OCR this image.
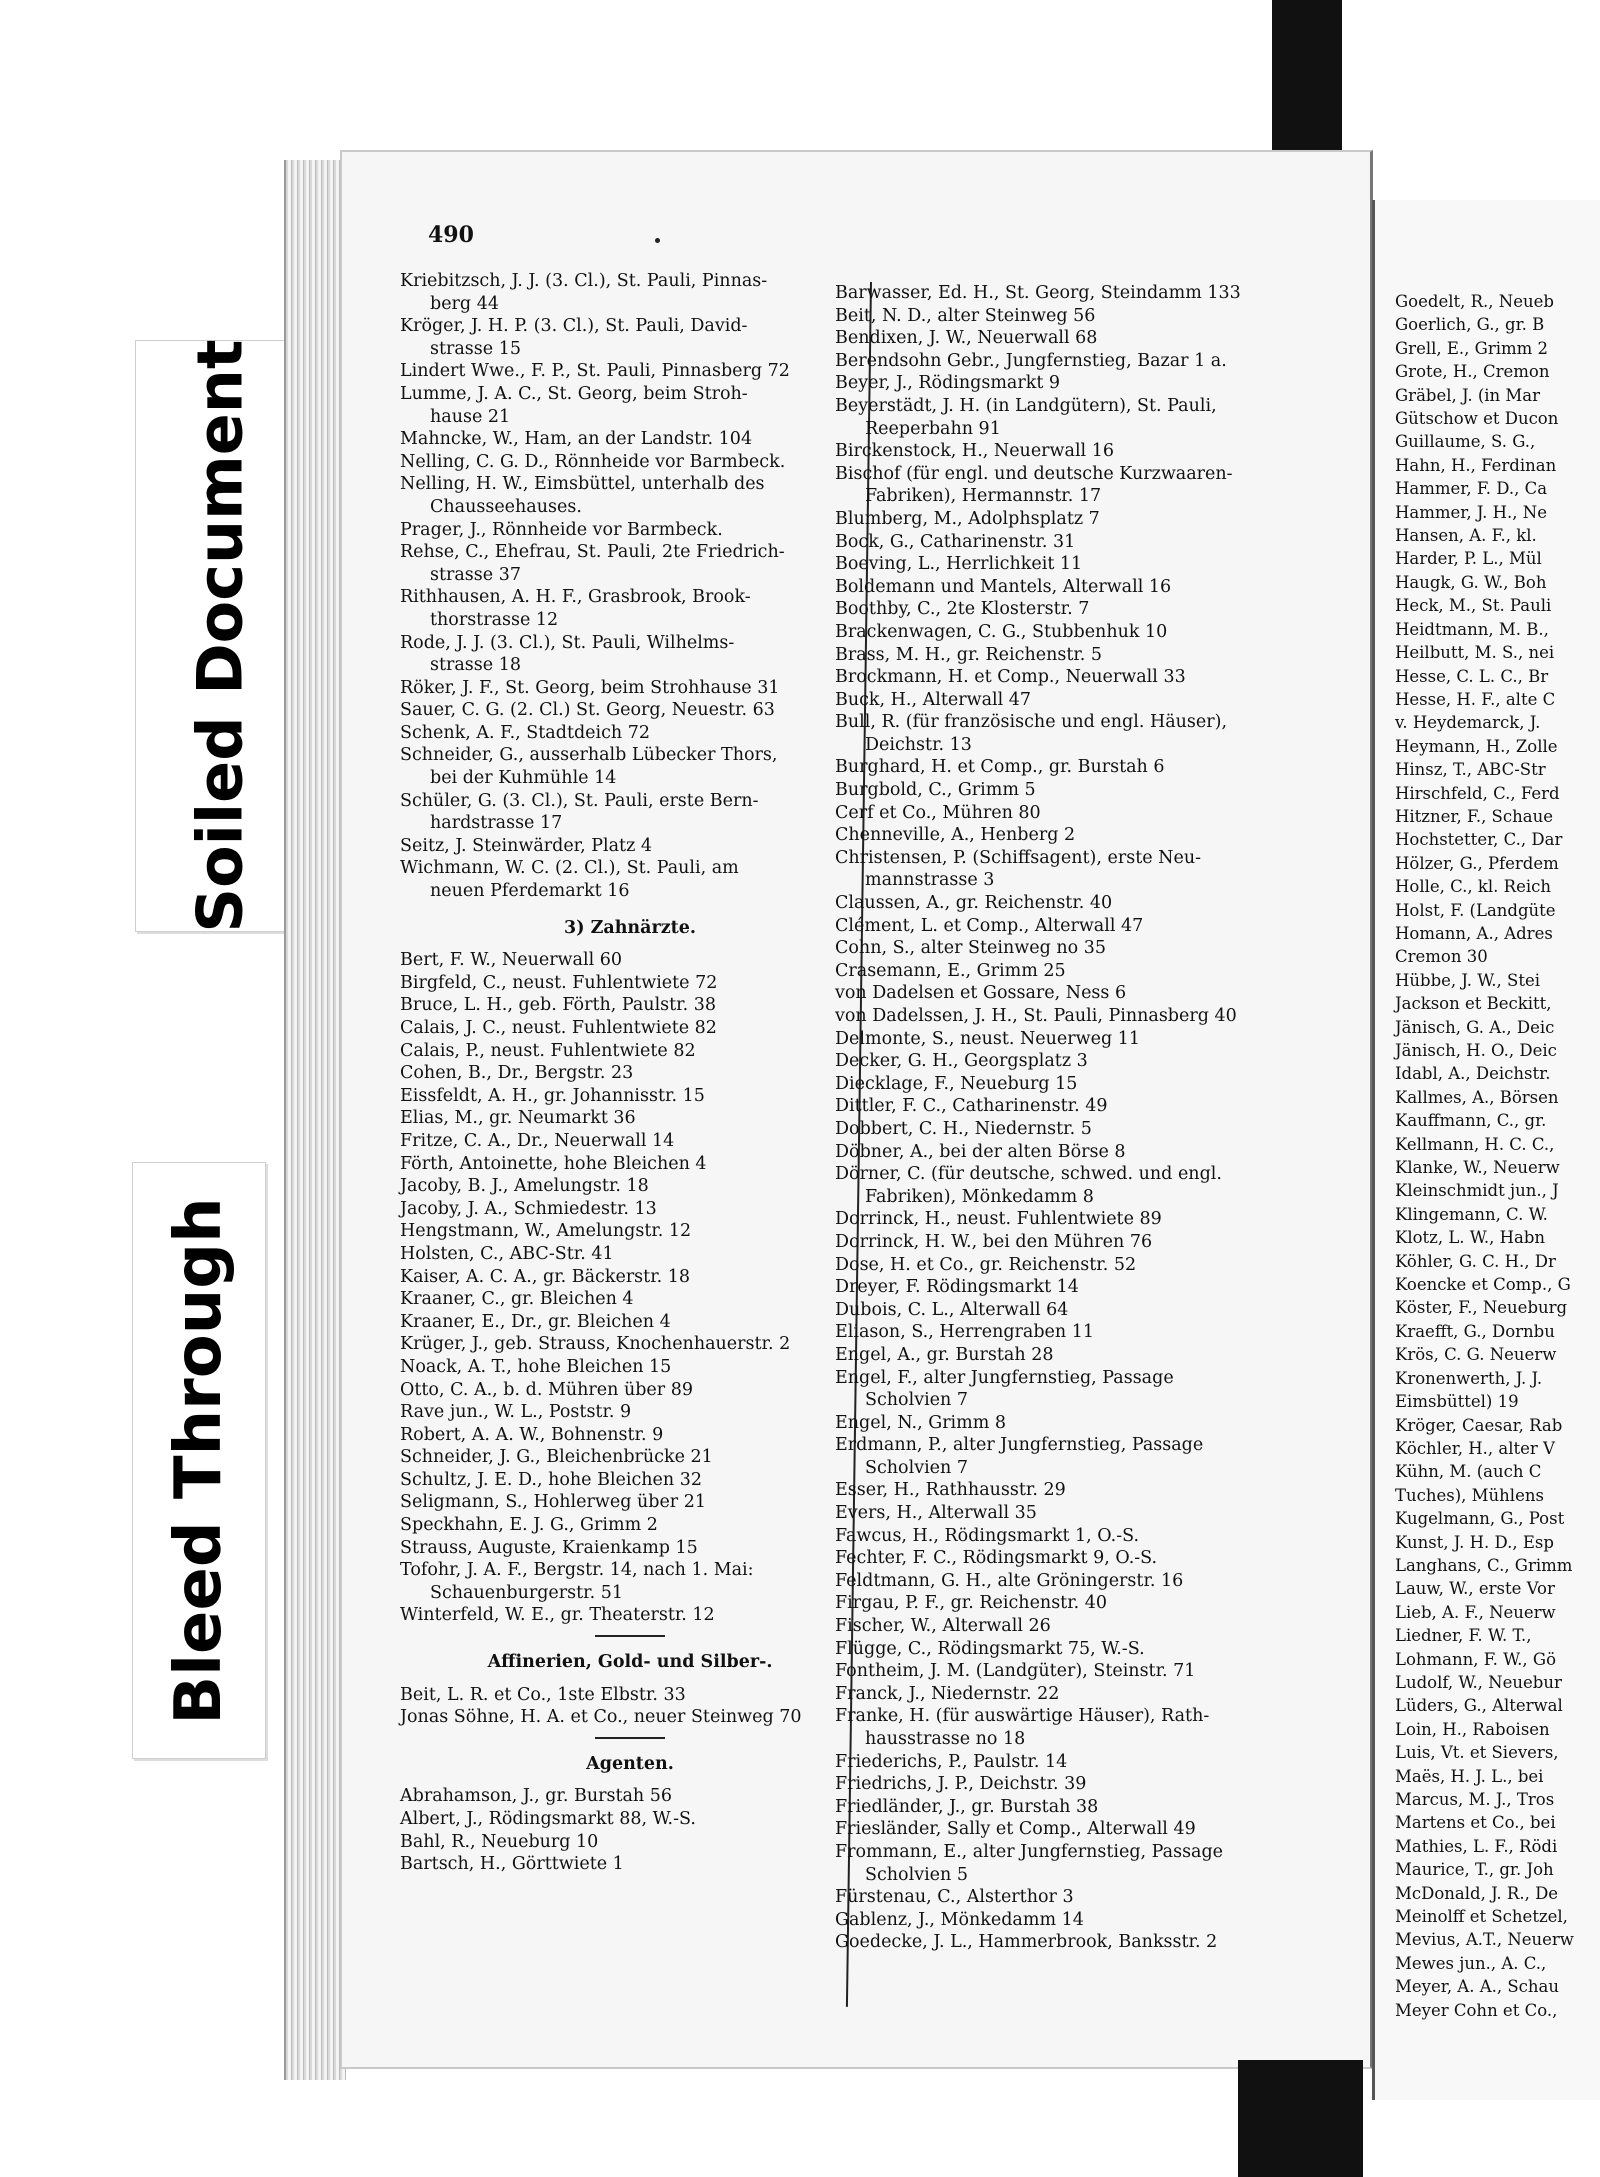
Soiled Document
Bleed Through
490

Kriebitzsch, J. J. (3. Cl.), St. Pauli, Pinnas-

berg 44

Kröger, J. H. P. (3. Cl.), St. Pauli, David-

strasse 15

Lindert Wwe., F. P., St. Pauli, Pinnasberg 72

Lumme, J. A. C., St. Georg, beim Stroh-

hause 21

Mahncke, W., Ham, an der Landstr. 104

Nelling, C. G. D., Rönnheide vor Barmbeck.

Nelling, H. W., Eimsbüttel, unterhalb des

Chausseehauses.

Prager, J., Rönnheide vor Barmbeck.

Rehse, C., Ehefrau, St. Pauli, 2te Friedrich-

strasse 37

Rithhausen, A. H. F., Grasbrook, Brook-

thorstrasse 12

Rode, J. J. (3. Cl.), St. Pauli, Wilhelms-

strasse 18

Röker, J. F., St. Georg, beim Strohhause 31

Sauer, C. G. (2. Cl.) St. Georg, Neuestr. 63

Schenk, A. F., Stadtdeich 72

Schneider, G., ausserhalb Lübecker Thors,

bei der Kuhmühle 14

Schüler, G. (3. Cl.), St. Pauli, erste Bern-

hardstrasse 17

Seitz, J. Steinwärder, Platz 4

Wichmann, W. C. (2. Cl.), St. Pauli, am

neuen Pferdemarkt 16

3) Zahnärzte.

Bert, F. W., Neuerwall 60

Birgfeld, C., neust. Fuhlentwiete 72

Bruce, L. H., geb. Förth, Paulstr. 38

Calais, J. C., neust. Fuhlentwiete 82

Calais, P., neust. Fuhlentwiete 82

Cohen, B., Dr., Bergstr. 23

Eissfeldt, A. H., gr. Johannisstr. 15

Elias, M., gr. Neumarkt 36

Fritze, C. A., Dr., Neuerwall 14

Förth, Antoinette, hohe Bleichen 4

Jacoby, B. J., Amelungstr. 18

Jacoby, J. A., Schmiedestr. 13

Hengstmann, W., Amelungstr. 12

Holsten, C., ABC-Str. 41

Kaiser, A. C. A., gr. Bäckerstr. 18

Kraaner, C., gr. Bleichen 4

Kraaner, E., Dr., gr. Bleichen 4

Krüger, J., geb. Strauss, Knochenhauerstr. 2

Noack, A. T., hohe Bleichen 15

Otto, C. A., b. d. Mühren über 89

Rave jun., W. L., Poststr. 9

Robert, A. A. W., Bohnenstr. 9

Schneider, J. G., Bleichenbrücke 21

Schultz, J. E. D., hohe Bleichen 32

Seligmann, S., Hohlerweg über 21

Speckhahn, E. J. G., Grimm 2

Strauss, Auguste, Kraienkamp 15

Tofohr, J. A. F., Bergstr. 14, nach 1. Mai:

Schauenburgerstr. 51

Winterfeld, W. E., gr. Theaterstr. 12

Affinerien, Gold- und Silber-.

Beit, L. R. et Co., 1ste Elbstr. 33

Jonas Söhne, H. A. et Co., neuer Steinweg 70

Agenten.

Abrahamson, J., gr. Burstah 56

Albert, J., Rödingsmarkt 88, W.-S.

Bahl, R., Neueburg 10

Bartsch, H., Görttwiete 1

Barwasser, Ed. H., St. Georg, Steindamm 133

Beit, N. D., alter Steinweg 56

Bendixen, J. W., Neuerwall 68

Berendsohn Gebr., Jungfernstieg, Bazar 1 a.

Beyer, J., Rödingsmarkt 9

Beyerstädt, J. H. (in Landgütern), St. Pauli,

Reeperbahn 91

Birckenstock, H., Neuerwall 16

Bischof (für engl. und deutsche Kurzwaaren-

Fabriken), Hermannstr. 17

Blumberg, M., Adolphsplatz 7

Bock, G., Catharinenstr. 31

Boeving, L., Herrlichkeit 11

Boldemann und Mantels, Alterwall 16

Boothby, C., 2te Klosterstr. 7

Brackenwagen, C. G., Stubbenhuk 10

Brass, M. H., gr. Reichenstr. 5

Brockmann, H. et Comp., Neuerwall 33

Buck, H., Alterwall 47

Bull, R. (für französische und engl. Häuser),

Deichstr. 13

Burghard, H. et Comp., gr. Burstah 6

Burgbold, C., Grimm 5

Cerf et Co., Mühren 80

Chenneville, A., Henberg 2

Christensen, P. (Schiffsagent), erste Neu-

mannstrasse 3

Claussen, A., gr. Reichenstr. 40

Clément, L. et Comp., Alterwall 47

Cohn, S., alter Steinweg no 35

Crasemann, E., Grimm 25

von Dadelsen et Gossare, Ness 6

von Dadelssen, J. H., St. Pauli, Pinnasberg 40

Delmonte, S., neust. Neuerweg 11

Decker, G. H., Georgsplatz 3

Diecklage, F., Neueburg 15

Dittler, F. C., Catharinenstr. 49

Dobbert, C. H., Niedernstr. 5

Döbner, A., bei der alten Börse 8

Dörner, C. (für deutsche, schwed. und engl.

Fabriken), Mönkedamm 8

Dorrinck, H., neust. Fuhlentwiete 89

Dorrinck, H. W., bei den Mühren 76

Dose, H. et Co., gr. Reichenstr. 52

Dreyer, F. Rödingsmarkt 14

Dubois, C. L., Alterwall 64

Eliason, S., Herrengraben 11

Engel, A., gr. Burstah 28

Engel, F., alter Jungfernstieg, Passage

Scholvien 7

Engel, N., Grimm 8

Erdmann, P., alter Jungfernstieg, Passage

Scholvien 7

Esser, H., Rathhausstr. 29

Evers, H., Alterwall 35

Fawcus, H., Rödingsmarkt 1, O.-S.

Fechter, F. C., Rödingsmarkt 9, O.-S.

Feldtmann, G. H., alte Gröningerstr. 16

Firgau, P. F., gr. Reichenstr. 40

Fischer, W., Alterwall 26

Flügge, C., Rödingsmarkt 75, W.-S.

Fontheim, J. M. (Landgüter), Steinstr. 71

Franck, J., Niedernstr. 22

Franke, H. (für auswärtige Häuser), Rath-

hausstrasse no 18

Friederichs, P., Paulstr. 14

Friedrichs, J. P., Deichstr. 39

Friedländer, J., gr. Burstah 38

Friesländer, Sally et Comp., Alterwall 49

Frommann, E., alter Jungfernstieg, Passage

Scholvien 5

Fürstenau, C., Alsterthor 3

Gablenz, J., Mönkedamm 14

Goedecke, J. L., Hammerbrook, Banksstr. 2

Goedelt, R., Neueb

Goerlich, G., gr. B

Grell, E., Grimm 2

Grote, H., Cremon

Gräbel, J. (in Mar

Gütschow et Ducon

Guillaume, S. G.,

Hahn, H., Ferdinan

Hammer, F. D., Ca

Hammer, J. H., Ne

Hansen, A. F., kl.

Harder, P. L., Mül

Haugk, G. W., Boh

Heck, M., St. Pauli

Heidtmann, M. B.,

Heilbutt, M. S., nei

Hesse, C. L. C., Br

Hesse, H. F., alte C

v. Heydemarck, J.

Heymann, H., Zolle

Hinsz, T., ABC-Str

Hirschfeld, C., Ferd

Hitzner, F., Schaue

Hochstetter, C., Dar

Hölzer, G., Pferdem

Holle, C., kl. Reich

Holst, F. (Landgüte

Homann, A., Adres

Cremon 30

Hübbe, J. W., Stei

Jackson et Beckitt,

Jänisch, G. A., Deic

Jänisch, H. O., Deic

Idabl, A., Deichstr.

Kallmes, A., Börsen

Kauffmann, C., gr.

Kellmann, H. C. C.,

Klanke, W., Neuerw

Kleinschmidt jun., J

Klingemann, C. W.

Klotz, L. W., Habn

Köhler, G. C. H., Dr

Koencke et Comp., G

Köster, F., Neueburg

Kraefft, G., Dornbu

Krös, C. G. Neuerw

Kronenwerth, J. J.

Eimsbüttel) 19

Kröger, Caesar, Rab

Köchler, H., alter V

Kühn, M. (auch C

Tuches), Mühlens

Kugelmann, G., Post

Kunst, J. H. D., Esp

Langhans, C., Grimm

Lauw, W., erste Vor

Lieb, A. F., Neuerw

Liedner, F. W. T.,

Lohmann, F. W., Gö

Ludolf, W., Neuebur

Lüders, G., Alterwal

Loin, H., Raboisen

Luis, Vt. et Sievers,

Maës, H. J. L., bei

Marcus, M. J., Tros

Martens et Co., bei

Mathies, L. F., Rödi

Maurice, T., gr. Joh

McDonald, J. R., De

Meinolff et Schetzel,

Mevius, A.T., Neuerw

Mewes jun., A. C.,

Meyer, A. A., Schau

Meyer Cohn et Co.,
